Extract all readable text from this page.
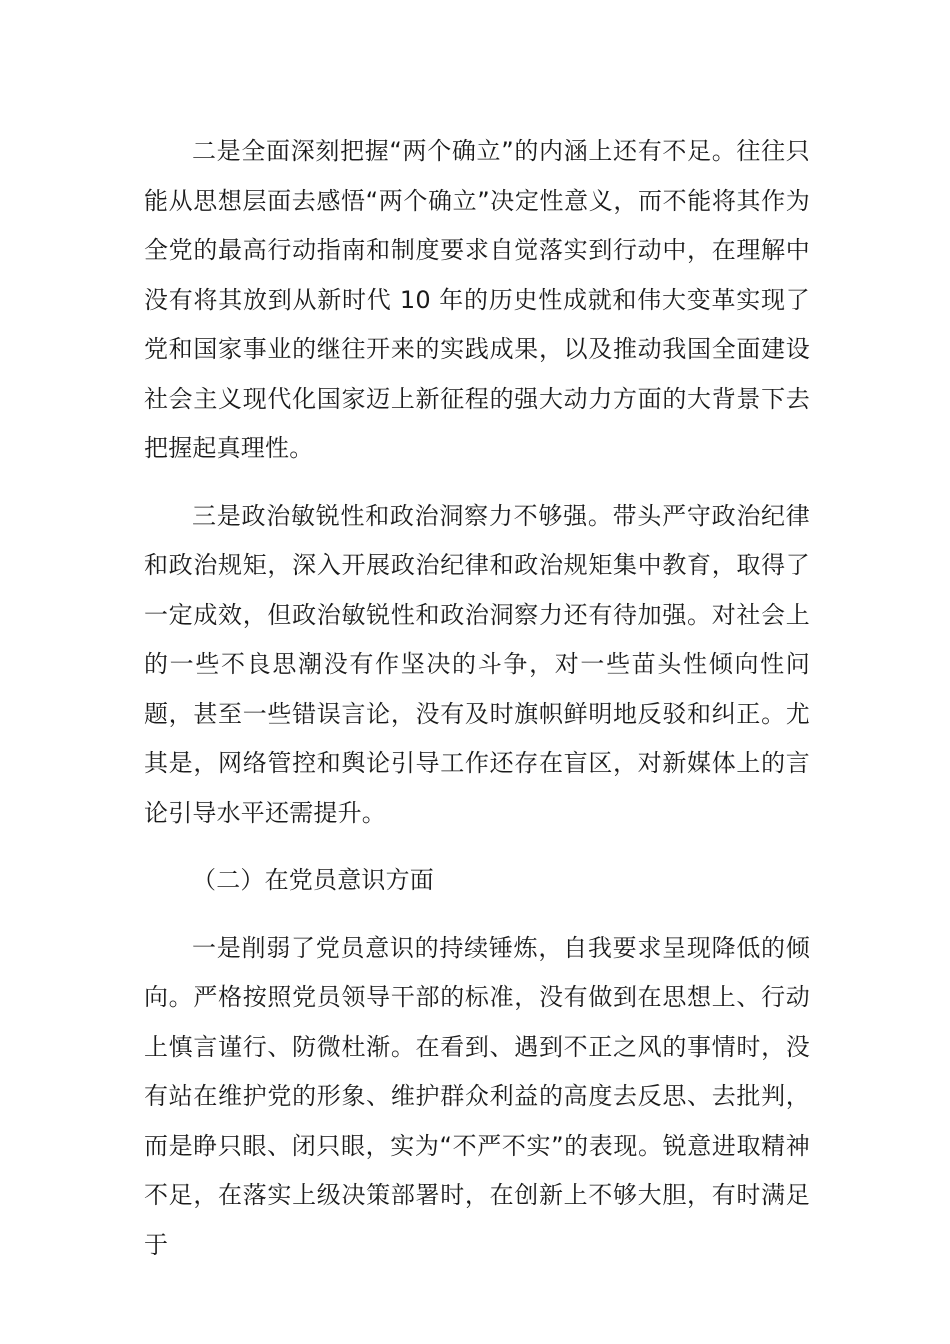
二是全面深刻把握“两个确立”的内涵上还有不足。往往只能从思想层面去感悟“两个确立”决定性意义，而不能将其作为全党的最高行动指南和制度要求自觉落实到行动中，在理解中没有将其放到从新时代 10 年的历史性成就和伟大变革实现了党和国家事业的继往开来的实践成果，以及推动我国全面建设社会主义现代化国家迈上新征程的强大动力方面的大背景下去把握起真理性。

三是政治敏锐性和政治洞察力不够强。带头严守政治纪律和政治规矩，深入开展政治纪律和政治规矩集中教育，取得了一定成效，但政治敏锐性和政治洞察力还有待加强。对社会上的一些不良思潮没有作坚决的斗争，对一些苗头性倾向性问题，甚至一些错误言论，没有及时旗帜鲜明地反驳和纠正。尤其是，网络管控和舆论引导工作还存在盲区，对新媒体上的言论引导水平还需提升。

（二）在党员意识方面

一是削弱了党员意识的持续锤炼，自我要求呈现降低的倾向。严格按照党员领导干部的标准，没有做到在思想上、行动上慎言谨行、防微杜渐。在看到、遇到不正之风的事情时，没有站在维护党的形象、维护群众利益的高度去反思、去批判，而是睁只眼、闭只眼，实为“不严不实”的表现。锐意进取精神不足，在落实上级决策部署时，在创新上不够大胆，有时满足于
